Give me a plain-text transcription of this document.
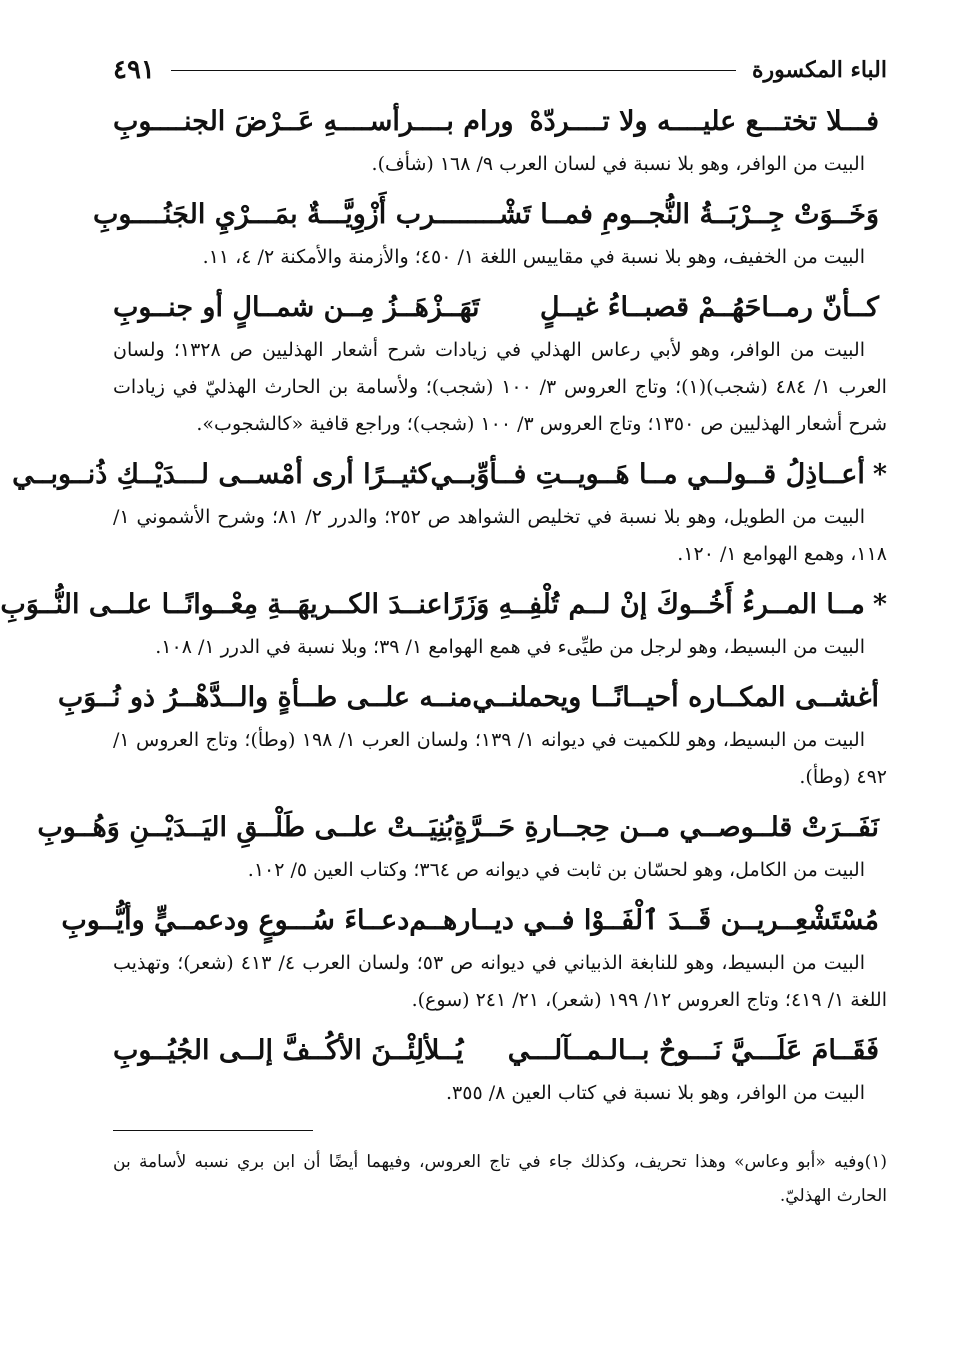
الباء المكسورة
٤٩١
فـــلا تختـــع عليــــه ولا تــــردّهْ
ورام بــــرأســــهِ عَــرْضَ الجنــــوبِ

البيت من الوافر، وهو بلا نسبة في لسان العرب ٩/ ١٦٨ (شأف).

وَخَــوَتْ جِــرْبَــةُ النُّجــومِ فمــا تَشْـــ
ـــــرب أَزْوِيَّـــةٌ بمَـــرْيِ الجَنُــــوبِ

البيت من الخفيف، وهو بلا نسبة في مقاييس اللغة ١/ ٤٥٠؛ والأزمنة والأمكنة ٢/ ٤، ١١.

كــأنّ رمــاحَهُــمْ قصبــاءُ غيــلٍ
تَهَــزْهَــزُ مِــن شمــالٍ أو جنــوبِ

البيت من الوافر، وهو لأبي رعاس الهذلي في زيادات شرح أشعار الهذليين ص ١٣٢٨؛ ولسان العرب ١/ ٤٨٤ (شجب)(١)؛ وتاج العروس ٣/ ١٠٠ (شجب)؛ ولأسامة بن الحارث الهذليّ في زيادات شرح أشعار الهذليين ص ١٣٥٠؛ وتاج العروس ٣/ ١٠٠ (شجب)؛ وراجع قافية «كالشجوب».

*أعــاذِلُ قــولــي مــا هَــويــتِ فــأوِّبــي
كثيــرًا أرى أمْســى لـــدَيْــكِ ذُنــوبــي

البيت من الطويل، وهو بلا نسبة في تخليص الشواهد ص ٢٥٢؛ والدرر ٢/ ٨١؛ وشرح الأشموني ١/ ١١٨، وهمع الهوامع ١/ ١٢٠.

*مــا المــرءُ أَخُــوكَ إنْ لــم تُلْفِــهِ وَزَرًا
عنــدَ الكــريهَــةِ مِعْــوانًــا علــى النُّــوَبِ

البيت من البسيط، وهو لرجل من طيِّىء في همع الهوامع ١/ ٣٩؛ وبلا نسبة في الدرر ١/ ١٠٨.

أغشــى المكــاره أحيــانًــا ويحملنــي
منــه علــى طــأةٍ والــدَّهْــرُ ذو نُــوَبِ

البيت من البسيط، وهو للكميت في ديوانه ١/ ١٣٩؛ ولسان العرب ١/ ١٩٨ (وطأ)؛ وتاج العروس ١/ ٤٩٢ (وطأ).

نَفَــرَتْ قلــوصــي مــن حِجــارةِ حَــرَّةٍ
بُنِيَــتْ علــى طَلْــقِ اليَــدَيْــنِ وَهُــوبِ

البيت من الكامل، وهو لحسّان بن ثابت في ديوانه ص ٣٦٤؛ وكتاب العين ٥/ ١٠٢.

مُسْتَشْعِــريــن قَــدَ ٱلْفَــوْا فــي ديــارهــم
دعــاءَ سُـــوعٍ ودعمــيٍّ وأيُّــوبِ

البيت من البسيط، وهو للنابغة الذبياني في ديوانه ص ٥٣؛ ولسان العرب ٤/ ٤١٣ (شعر)؛ وتهذيب اللغة ١/ ٤١٩؛ وتاج العروس ١٢/ ١٩٩ (شعر)، ٢١/ ٢٤١ (سوع).

فَقَــامَ عَلَـــيَّ نَـــوحٌ بــالـمــآلـــي
يُــلألِئْــنَ الأكُــفَّ إلــى الجُيُــوبِ

البيت من الوافر، وهو بلا نسبة في كتاب العين ٨/ ٣٥٥.

(١)وفيه «أبو وعاس» وهذا تحريف، وكذلك جاء في تاج العروس، وفيهما أيضًا أن ابن بري نسبه لأسامة بن الحارث الهذليّ.
